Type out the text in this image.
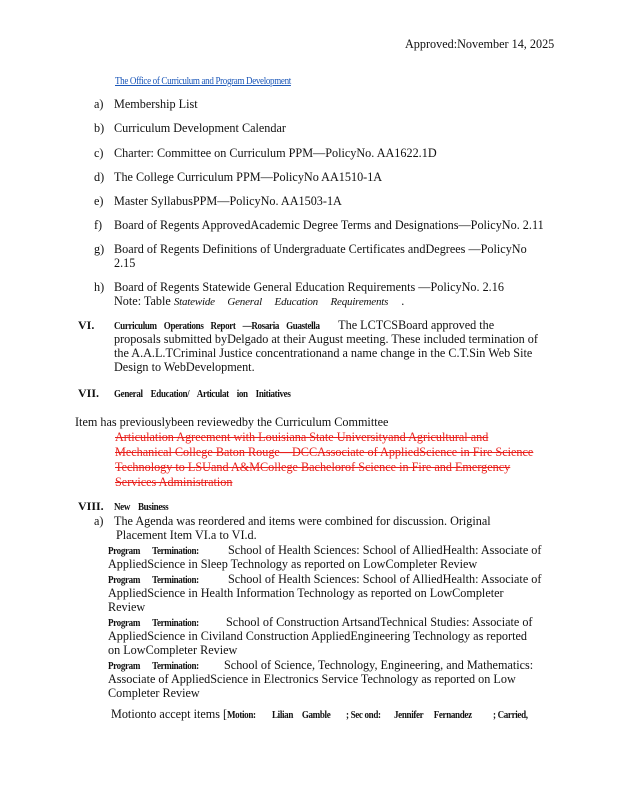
Approved:November 14, 2025
The Office of Curriculum and Program Development
a) Membership List
b) Curriculum Development Calendar
c) Charter: Committee on Curriculum PPM—PolicyNo. AA1622.1D
d) The College Curriculum PPM—PolicyNo AA1510-1A
e) Master SyllabusPPM—PolicyNo. AA1503-1A
f) Board of Regents ApprovedAcademic Degree Terms and Designations—PolicyNo. 2.11
g) Board of Regents Definitions of Undergraduate Certificates andDegrees —PolicyNo
2.15
h) Board of Regents Statewide General Education Requirements —PolicyNo. 2.16
Note: Table Statewide General Education Requirements .
VI. Curriculum Operations Report —Rosaria Guastella The LCTCSBoard approved the
proposals submitted byDelgado at their August meeting. These included termination of
the A.A.L.TCriminal Justice concentrationand a name change in the C.T.Sin Web Site
Design to WebDevelopment.
VII. General Education/ Articulat ion Initiatives
Item has previouslybeen reviewedby the Curriculum Committee
Articulation Agreement with Louisiana State Universityand Agricultural and
Mechanical College Baton Rouge—DCCAssociate of AppliedScience in Fire Science
Technology to LSUand A&MCollege Bachelorof Science in Fire and Emergency
Services Administration
VIII. New Business
a) The Agenda was reordered and items were combined for discussion. Original
Placement Item VI.a to VI.d.
Program Termination: School of Health Sciences: School of AlliedHealth: Associate of
AppliedScience in Sleep Technology as reported on LowCompleter Review
Program Termination: School of Health Sciences: School of AlliedHealth: Associate of
AppliedScience in Health Information Technology as reported on LowCompleter
Review
Program Termination: School of Construction ArtsandTechnical Studies: Associate of
AppliedScience in Civiland Construction AppliedEngineering Technology as reported
on LowCompleter Review
Program Termination: School of Science, Technology, Engineering, and Mathematics:
Associate of AppliedScience in Electronics Service Technology as reported on Low
Completer Review
Motionto accept items [Motion: Lilian Gamble ; Sec ond: Jennifer Fernandez ; Carried,
